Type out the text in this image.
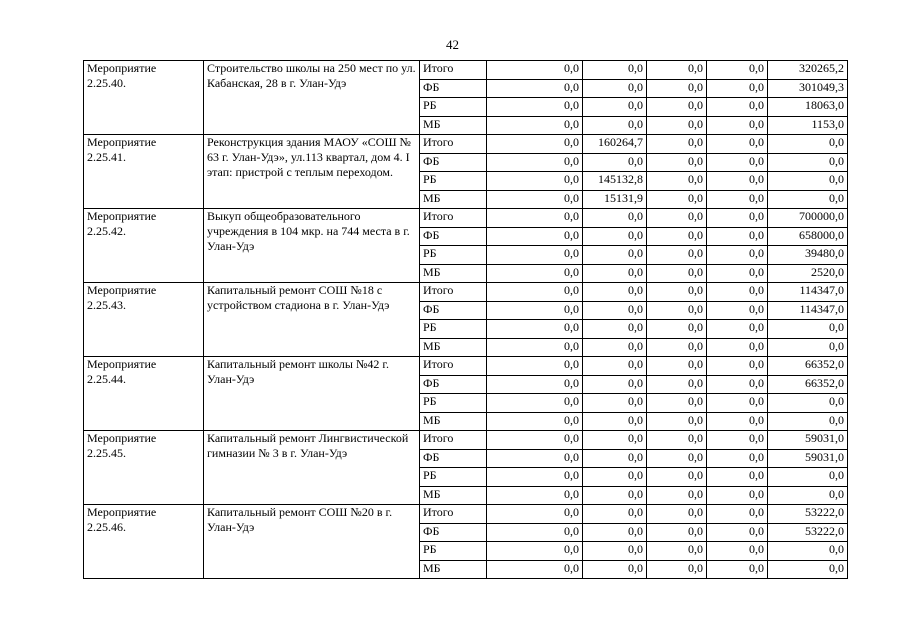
42
Мероприятие
2.25.40.	Строительство школы на 250 мест по ул. Кабанская, 28 в г. Улан-Удэ	Итого	0,0	0,0	0,0	0,0	320265,2
		ФБ	0,0	0,0	0,0	0,0	301049,3
		РБ	0,0	0,0	0,0	0,0	18063,0
		МБ	0,0	0,0	0,0	0,0	1153,0
Мероприятие
2.25.41.	Реконструкция здания МАОУ «СОШ № 63 г. Улан-Удэ», ул.113 квартал, дом 4. I этап: пристрой с теплым переходом.	Итого	0,0	160264,7	0,0	0,0	0,0
		ФБ	0,0	0,0	0,0	0,0	0,0
		РБ	0,0	145132,8	0,0	0,0	0,0
		МБ	0,0	15131,9	0,0	0,0	0,0
Мероприятие
2.25.42.	Выкуп общеобразовательного учреждения в 104 мкр. на 744 места в г. Улан-Удэ	Итого	0,0	0,0	0,0	0,0	700000,0
		ФБ	0,0	0,0	0,0	0,0	658000,0
		РБ	0,0	0,0	0,0	0,0	39480,0
		МБ	0,0	0,0	0,0	0,0	2520,0
Мероприятие
2.25.43.	Капитальный ремонт СОШ №18 с устройством стадиона в г. Улан-Удэ	Итого	0,0	0,0	0,0	0,0	114347,0
		ФБ	0,0	0,0	0,0	0,0	114347,0
		РБ	0,0	0,0	0,0	0,0	0,0
		МБ	0,0	0,0	0,0	0,0	0,0
Мероприятие
2.25.44.	Капитальный ремонт школы №42 г. Улан-Удэ	Итого	0,0	0,0	0,0	0,0	66352,0
		ФБ	0,0	0,0	0,0	0,0	66352,0
		РБ	0,0	0,0	0,0	0,0	0,0
		МБ	0,0	0,0	0,0	0,0	0,0
Мероприятие
2.25.45.	Капитальный ремонт Лингвистической гимназии № 3 в г. Улан-Удэ	Итого	0,0	0,0	0,0	0,0	59031,0
		ФБ	0,0	0,0	0,0	0,0	59031,0
		РБ	0,0	0,0	0,0	0,0	0,0
		МБ	0,0	0,0	0,0	0,0	0,0
Мероприятие
2.25.46.	Капитальный ремонт СОШ №20 в г. Улан-Удэ	Итого	0,0	0,0	0,0	0,0	53222,0
		ФБ	0,0	0,0	0,0	0,0	53222,0
		РБ	0,0	0,0	0,0	0,0	0,0
		МБ	0,0	0,0	0,0	0,0	0,0
